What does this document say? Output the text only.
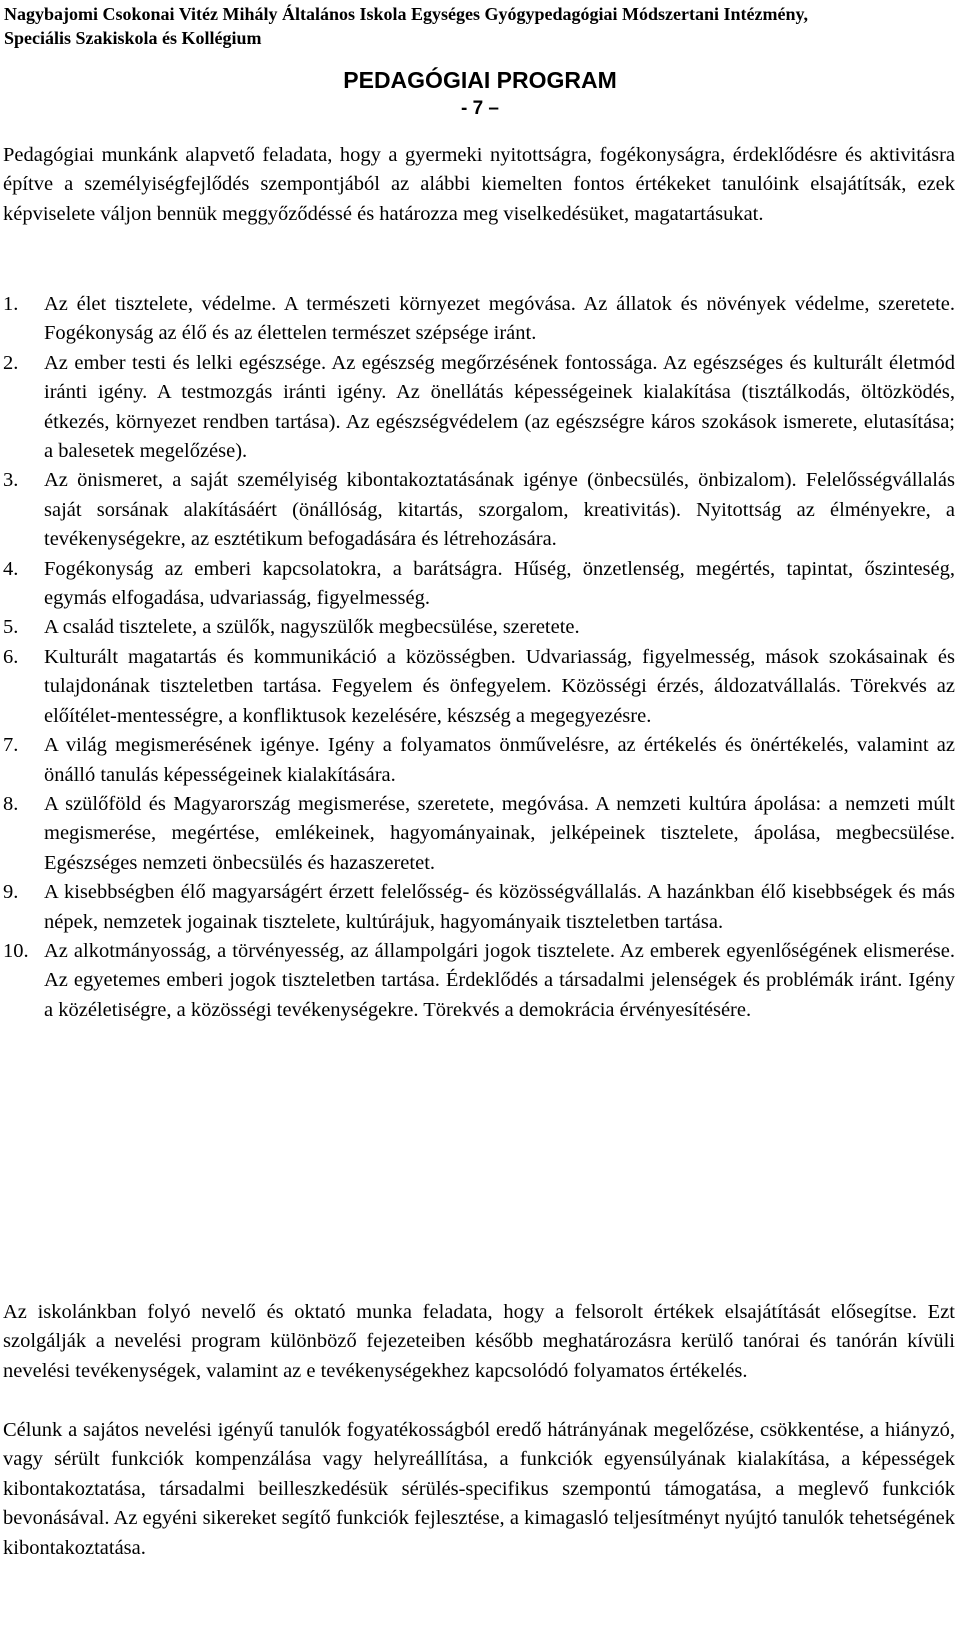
Nagybajomi Csokonai Vitéz Mihály Általános Iskola Egységes Gyógypedagógiai Módszertani Intézmény,
Speciális Szakiskola és Kollégium
PEDAGÓGIAI PROGRAM
- 7 –

Pedagógiai munkánk alapvető feladata, hogy a gyermeki nyitottságra, fogékonyságra, érdeklődésre és aktivitásra építve a személyiségfejlődés szempontjából az alábbi kiemelten fontos értékeket tanulóink elsajátítsák, ezek képviselete váljon bennük meggyőződéssé és határozza meg viselkedésüket, magatartásukat.

1. Az élet tisztelete, védelme. A természeti környezet megóvása. Az állatok és növények védelme, szeretete. Fogékonyság az élő és az élettelen természet szépsége iránt.
2. Az ember testi és lelki egészsége. Az egészség megőrzésének fontossága. Az egészséges és kulturált életmód iránti igény. A testmozgás iránti igény. Az önellátás képességeinek kialakítása (tisztálkodás, öltözködés, étkezés, környezet rendben tartása). Az egészségvédelem (az egészségre káros szokások ismerete, elutasítása; a balesetek megelőzése).
3. Az önismeret, a saját személyiség kibontakoztatásának igénye (önbecsülés, önbizalom). Felelősségvállalás saját sorsának alakításáért (önállóság, kitartás, szorgalom, kreativitás). Nyitottság az élményekre, a tevékenységekre, az esztétikum befogadására és létrehozására.
4. Fogékonyság az emberi kapcsolatokra, a barátságra. Hűség, önzetlenség, megértés, tapintat, őszinteség, egymás elfogadása, udvariasság, figyelmesség.
5. A család tisztelete, a szülők, nagyszülők megbecsülése, szeretete.
6. Kulturált magatartás és kommunikáció a közösségben. Udvariasság, figyelmesség, mások szokásainak és tulajdonának tiszteletben tartása. Fegyelem és önfegyelem. Közösségi érzés, áldozatvállalás. Törekvés az előítélet-mentességre, a konfliktusok kezelésére, készség a megegyezésre.
7. A világ megismerésének igénye. Igény a folyamatos önművelésre, az értékelés és önértékelés, valamint az önálló tanulás képességeinek kialakítására.
8. A szülőföld és Magyarország megismerése, szeretete, megóvása. A nemzeti kultúra ápolása: a nemzeti múlt megismerése, megértése, emlékeinek, hagyományainak, jelképeinek tisztelete, ápolása, megbecsülése. Egészséges nemzeti önbecsülés és hazaszeretet.
9. A kisebbségben élő magyarságért érzett felelősség- és közösségvállalás. A hazánkban élő kisebbségek és más népek, nemzetek jogainak tisztelete, kultúrájuk, hagyományaik tiszteletben tartása.
10. Az alkotmányosság, a törvényesség, az állampolgári jogok tisztelete. Az emberek egyenlőségének elismerése. Az egyetemes emberi jogok tiszteletben tartása. Érdeklődés a társadalmi jelenségek és problémák iránt. Igény a közéletiségre, a közösségi tevékenységekre. Törekvés a demokrácia érvényesítésére.

Az iskolánkban folyó nevelő és oktató munka feladata, hogy a felsorolt értékek elsajátítását elősegítse. Ezt szolgálják a nevelési program különböző fejezeteiben később meghatározásra kerülő tanórai és tanórán kívüli nevelési tevékenységek, valamint az e tevékenységekhez kapcsolódó folyamatos értékelés.

Célunk a sajátos nevelési igényű tanulók fogyatékosságból eredő hátrányának megelőzése, csökkentése, a hiányzó, vagy sérült funkciók kompenzálása vagy helyreállítása, a funkciók egyensúlyának kialakítása, a képességek kibontakoztatása, társadalmi beilleszkedésük sérülés-specifikus szempontú támogatása, a meglevő funkciók bevonásával. Az egyéni sikereket segítő funkciók fejlesztése, a kimagasló teljesítményt nyújtó tanulók tehetségének kibontakoztatása.
